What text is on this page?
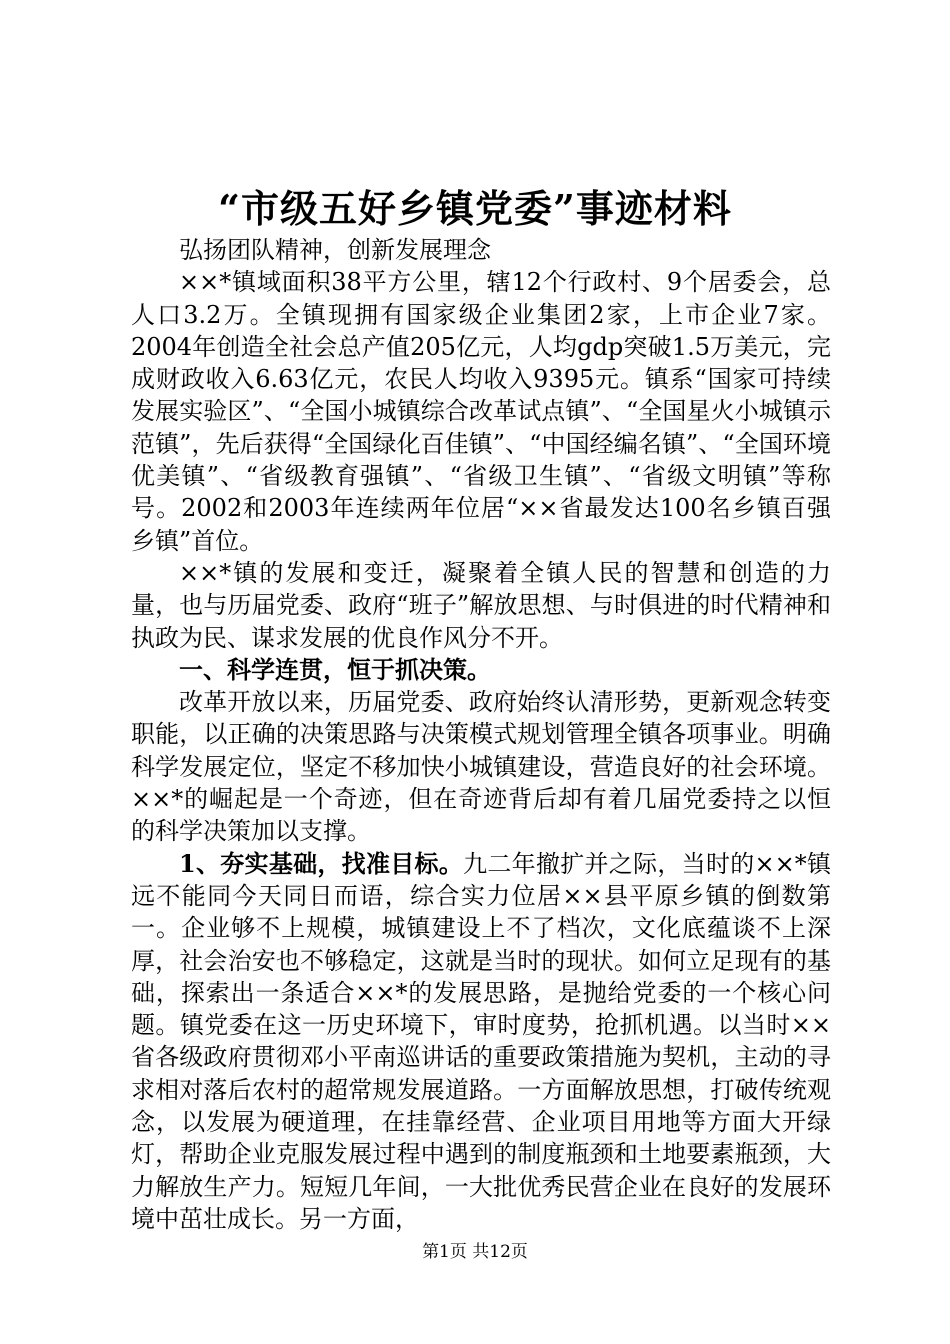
“市级五好乡镇党委”事迹材料

弘扬团队精神，创新发展理念

××*镇域面积38平方公里，辖12个行政村、9个居委会，总人口3.2万。全镇现拥有国家级企业集团2家，上市企业7家。2004年创造全社会总产值205亿元，人均gdp突破1.5万美元，完成财政收入6.63亿元，农民人均收入9395元。镇系“国家可持续发展实验区”、“全国小城镇综合改革试点镇”、“全国星火小城镇示范镇”，先后获得“全国绿化百佳镇”、“中国经编名镇”、“全国环境优美镇”、“省级教育强镇”、“省级卫生镇”、“省级文明镇”等称号。2002和2003年连续两年位居“××省最发达100名乡镇百强乡镇”首位。

××*镇的发展和变迁，凝聚着全镇人民的智慧和创造的力量，也与历届党委、政府“班子”解放思想、与时俱进的时代精神和执政为民、谋求发展的优良作风分不开。

一、科学连贯，恒于抓决策。

改革开放以来，历届党委、政府始终认清形势，更新观念转变职能，以正确的决策思路与决策模式规划管理全镇各项事业。明确科学发展定位，坚定不移加快小城镇建设，营造良好的社会环境。××*的崛起是一个奇迹，但在奇迹背后却有着几届党委持之以恒的科学决策加以支撑。

1、夯实基础，找准目标。九二年撤扩并之际，当时的××*镇远不能同今天同日而语，综合实力位居××县平原乡镇的倒数第一。企业够不上规模，城镇建设上不了档次，文化底蕴谈不上深厚，社会治安也不够稳定，这就是当时的现状。如何立足现有的基础，探索出一条适合××*的发展思路，是抛给党委的一个核心问题。镇党委在这一历史环境下，审时度势，抢抓机遇。以当时××省各级政府贯彻邓小平南巡讲话的重要政策措施为契机，主动的寻求相对落后农村的超常规发展道路。一方面解放思想，打破传统观念，以发展为硬道理，在挂靠经营、企业项目用地等方面大开绿灯，帮助企业克服发展过程中遇到的制度瓶颈和土地要素瓶颈，大力解放生产力。短短几年间，一大批优秀民营企业在良好的发展环境中茁壮成长。另一方面，

第1页 共12页
